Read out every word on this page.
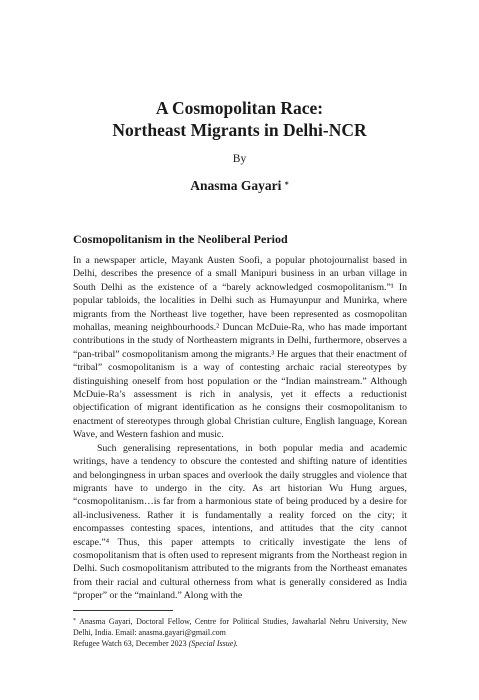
A Cosmopolitan Race:
Northeast Migrants in Delhi-NCR
By
Anasma Gayari *
Cosmopolitanism in the Neoliberal Period

In a newspaper article, Mayank Austen Soofi, a popular photojournalist based in Delhi, describes the presence of a small Manipuri business in an urban village in South Delhi as the existence of a “barely acknowledged cosmopolitanism.”¹ In popular tabloids, the localities in Delhi such as Humayunpur and Munirka, where migrants from the Northeast live together, have been represented as cosmopolitan mohallas, meaning neighbourhoods.² Duncan McDuie-Ra, who has made important contributions in the study of Northeastern migrants in Delhi, furthermore, observes a “pan-tribal” cosmopolitanism among the migrants.³ He argues that their enactment of “tribal” cosmopolitanism is a way of contesting archaic racial stereotypes by distinguishing oneself from host population or the “Indian mainstream.” Although McDuie-Ra’s assessment is rich in analysis, yet it effects a reductionist objectification of migrant identification as he consigns their cosmopolitanism to enactment of stereotypes through global Christian culture, English language, Korean Wave, and Western fashion and music.

Such generalising representations, in both popular media and academic writings, have a tendency to obscure the contested and shifting nature of identities and belongingness in urban spaces and overlook the daily struggles and violence that migrants have to undergo in the city. As art historian Wu Hung argues, “cosmopolitanism…is far from a harmonious state of being produced by a desire for all-inclusiveness. Rather it is fundamentally a reality forced on the city; it encompasses contesting spaces, intentions, and attitudes that the city cannot escape.”⁴ Thus, this paper attempts to critically investigate the lens of cosmopolitanism that is often used to represent migrants from the Northeast region in Delhi. Such cosmopolitanism attributed to the migrants from the Northeast emanates from their racial and cultural otherness from what is generally considered as India “proper” or the “mainland.” Along with the

* Anasma Gayari, Doctoral Fellow, Centre for Political Studies, Jawaharlal Nehru University, New Delhi, India. Email: anasma.gayari@gmail.com

Refugee Watch 63, December 2023 (Special Issue).
